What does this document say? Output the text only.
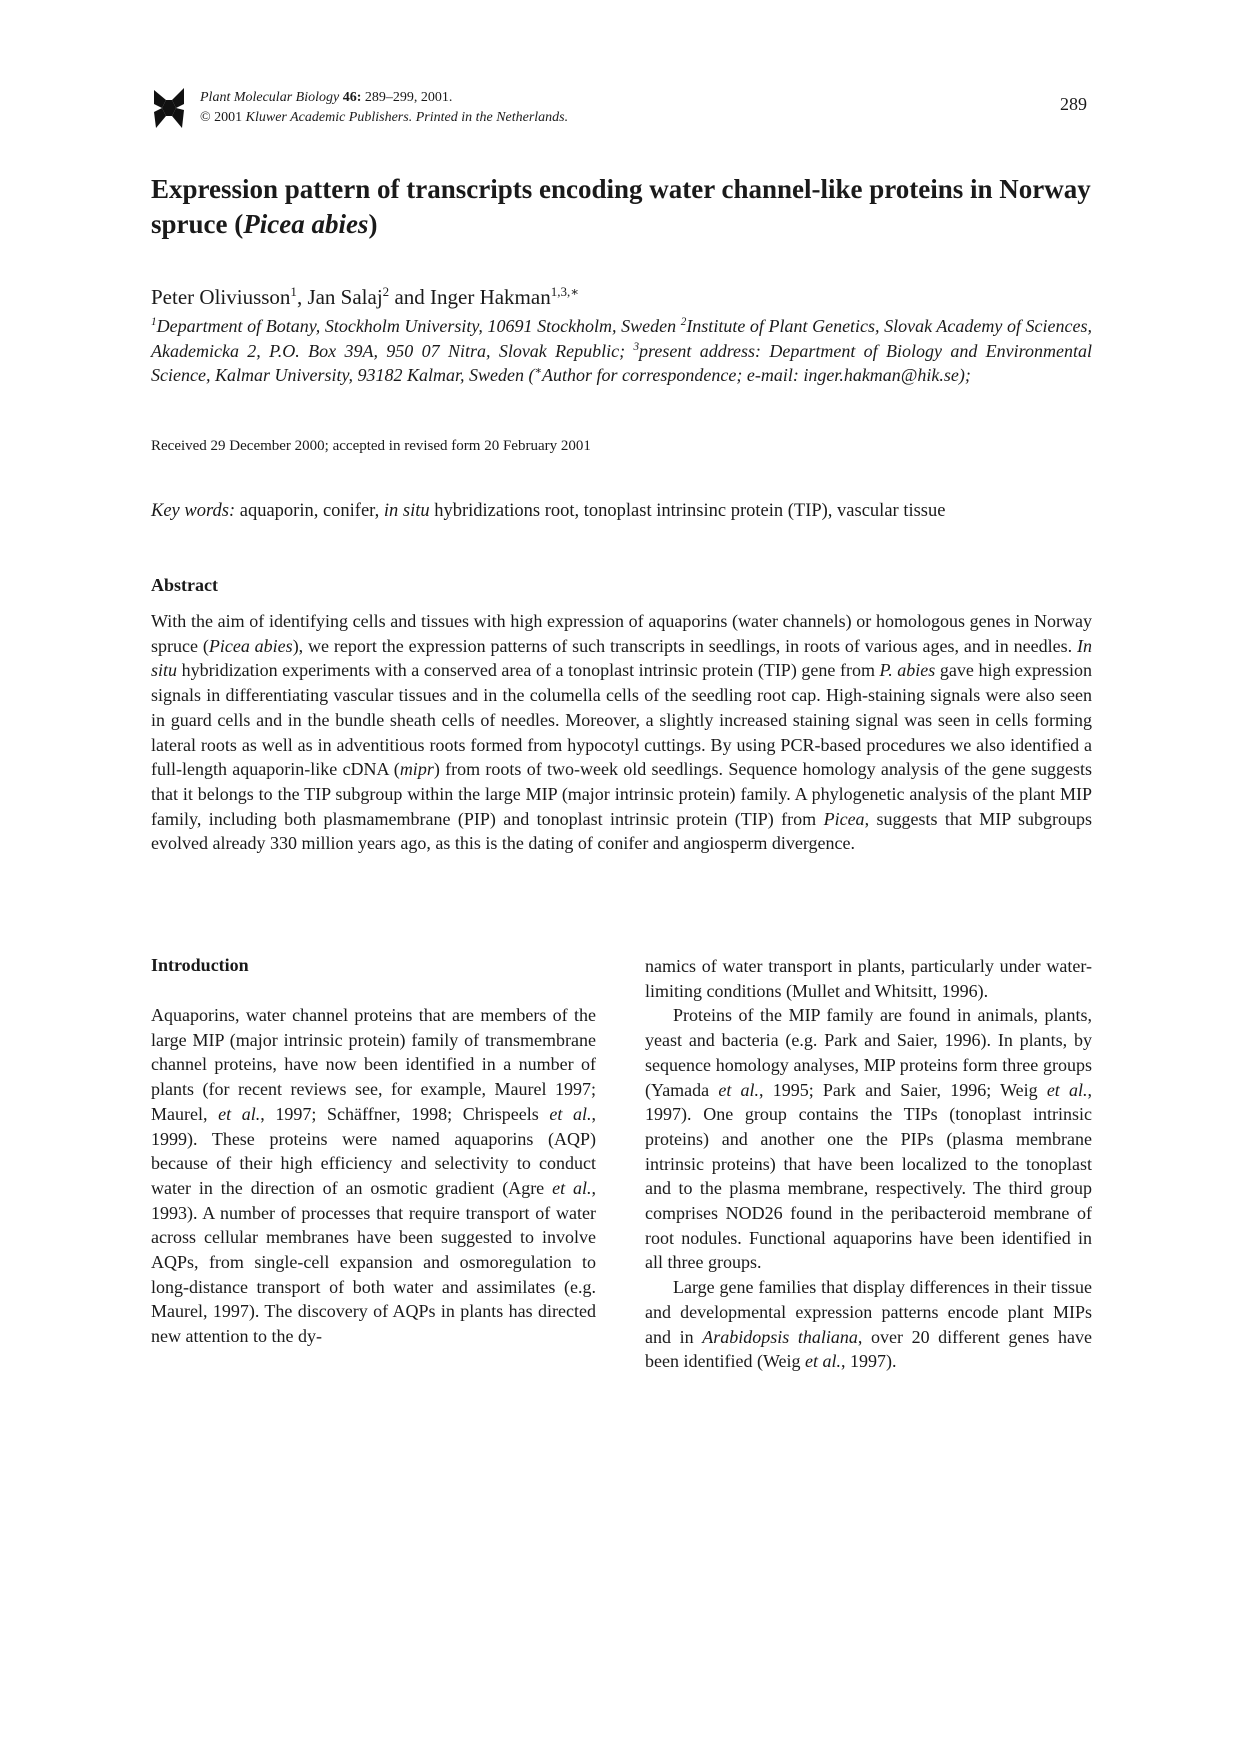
Plant Molecular Biology 46: 289–299, 2001.
© 2001 Kluwer Academic Publishers. Printed in the Netherlands.
289
Expression pattern of transcripts encoding water channel-like proteins in Norway spruce (Picea abies)
Peter Oliviusson$^1$, Jan Salaj$^2$ and Inger Hakman$^{1,3,∗}$
$^1$Department of Botany, Stockholm University, 10691 Stockholm, Sweden $^2$Institute of Plant Genetics, Slovak Academy of Sciences, Akademicka 2, P.O. Box 39A, 950 07 Nitra, Slovak Republic; $^3$present address: Department of Biology and Environmental Science, Kalmar University, 93182 Kalmar, Sweden (∗Author for correspondence; e-mail: inger.hakman@hik.se);
Received 29 December 2000; accepted in revised form 20 February 2001
Key words: aquaporin, conifer, in situ hybridizations root, tonoplast intrinsinc protein (TIP), vascular tissue
Abstract
With the aim of identifying cells and tissues with high expression of aquaporins (water channels) or homologous genes in Norway spruce (Picea abies), we report the expression patterns of such transcripts in seedlings, in roots of various ages, and in needles. In situ hybridization experiments with a conserved area of a tonoplast intrinsic protein (TIP) gene from P. abies gave high expression signals in differentiating vascular tissues and in the columella cells of the seedling root cap. High-staining signals were also seen in guard cells and in the bundle sheath cells of needles. Moreover, a slightly increased staining signal was seen in cells forming lateral roots as well as in adventitious roots formed from hypocotyl cuttings. By using PCR-based procedures we also identified a full-length aquaporin-like cDNA (mipr) from roots of two-week old seedlings. Sequence homology analysis of the gene suggests that it belongs to the TIP subgroup within the large MIP (major intrinsic protein) family. A phylogenetic analysis of the plant MIP family, including both plasmamembrane (PIP) and tonoplast intrinsic protein (TIP) from Picea, suggests that MIP subgroups evolved already 330 million years ago, as this is the dating of conifer and angiosperm divergence.
Introduction

Aquaporins, water channel proteins that are members of the large MIP (major intrinsic protein) family of transmembrane channel proteins, have now been identified in a number of plants (for recent reviews see, for example, Maurel 1997; Maurel, et al., 1997; Schäffner, 1998; Chrispeels et al., 1999). These proteins were named aquaporins (AQP) because of their high efficiency and selectivity to conduct water in the direction of an osmotic gradient (Agre et al., 1993). A number of processes that require transport of water across cellular membranes have been suggested to involve AQPs, from single-cell expansion and osmoregulation to long-distance transport of both water and assimilates (e.g. Maurel, 1997). The discovery of AQPs in plants has directed new attention to the dy-

namics of water transport in plants, particularly under water-limiting conditions (Mullet and Whitsitt, 1996).

Proteins of the MIP family are found in animals, plants, yeast and bacteria (e.g. Park and Saier, 1996). In plants, by sequence homology analyses, MIP proteins form three groups (Yamada et al., 1995; Park and Saier, 1996; Weig et al., 1997). One group contains the TIPs (tonoplast intrinsic proteins) and another one the PIPs (plasma membrane intrinsic proteins) that have been localized to the tonoplast and to the plasma membrane, respectively. The third group comprises NOD26 found in the peribacteroid membrane of root nodules. Functional aquaporins have been identified in all three groups.

Large gene families that display differences in their tissue and developmental expression patterns encode plant MIPs and in Arabidopsis thaliana, over 20 different genes have been identified (Weig et al., 1997).
